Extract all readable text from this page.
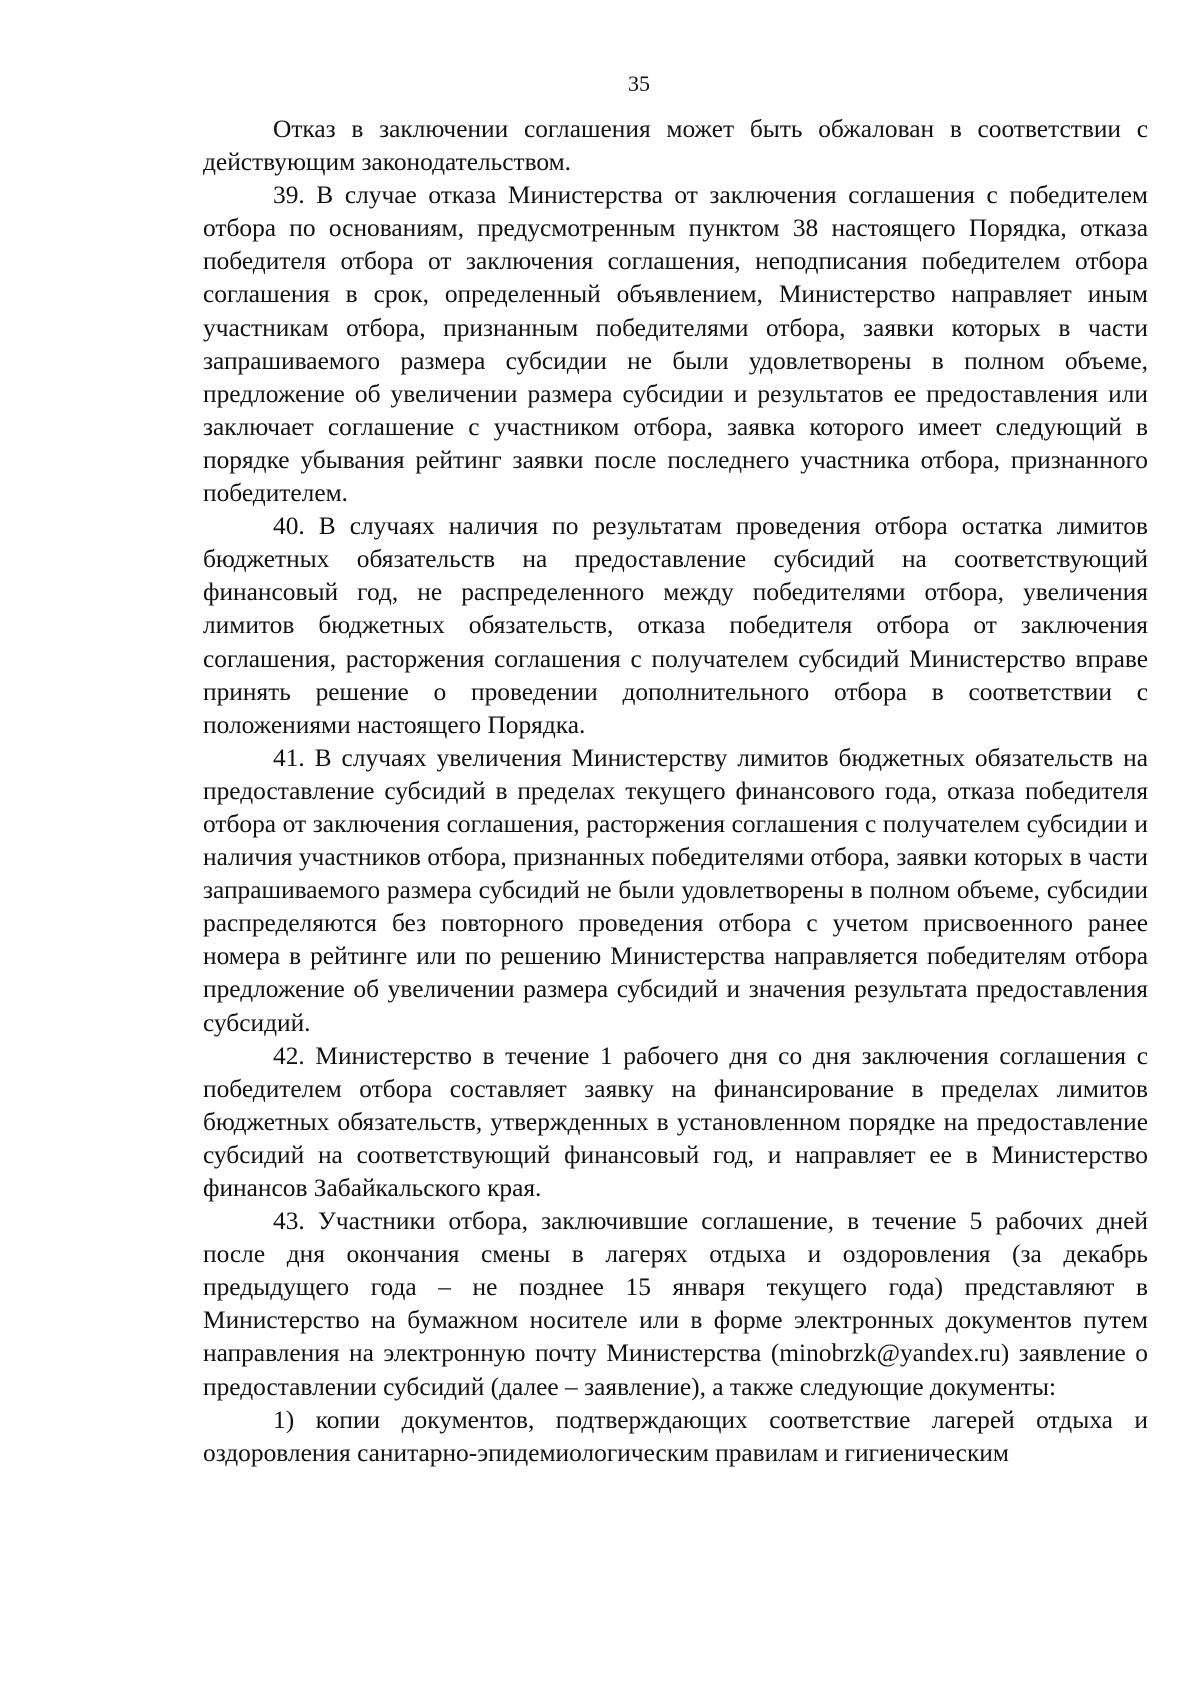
35

Отказ в заключении соглашения может быть обжалован в соответствии с действующим законодательством.

39. В случае отказа Министерства от заключения соглашения с победителем отбора по основаниям, предусмотренным пунктом 38 настоящего Порядка, отказа победителя отбора от заключения соглашения, неподписания победителем отбора соглашения в срок, определенный объявлением, Министерство направляет иным участникам отбора, признанным победителями отбора, заявки которых в части запрашиваемого размера субсидии не были удовлетворены в полном объеме, предложение об увеличении размера субсидии и результатов ее предоставления или заключает соглашение с участником отбора, заявка которого имеет следующий в порядке убывания рейтинг заявки после последнего участника отбора, признанного победителем.

40. В случаях наличия по результатам проведения отбора остатка лимитов бюджетных обязательств на предоставление субсидий на соответствующий финансовый год, не распределенного между победителями отбора, увеличения лимитов бюджетных обязательств, отказа победителя отбора от заключения соглашения, расторжения соглашения с получателем субсидий Министерство вправе принять решение о проведении дополнительного отбора в соответствии с положениями настоящего Порядка.

41. В случаях увеличения Министерству лимитов бюджетных обязательств на предоставление субсидий в пределах текущего финансового года, отказа победителя отбора от заключения соглашения, расторжения соглашения с получателем субсидии и наличия участников отбора, признанных победителями отбора, заявки которых в части запрашиваемого размера субсидий не были удовлетворены в полном объеме, субсидии распределяются без повторного проведения отбора с учетом присвоенного ранее номера в рейтинге или по решению Министерства направляется победителям отбора предложение об увеличении размера субсидий и значения результата предоставления субсидий.

42. Министерство в течение 1 рабочего дня со дня заключения соглашения с победителем отбора составляет заявку на финансирование в пределах лимитов бюджетных обязательств, утвержденных в установленном порядке на предоставление субсидий на соответствующий финансовый год, и направляет ее в Министерство финансов Забайкальского края.

43. Участники отбора, заключившие соглашение, в течение 5 рабочих дней после дня окончания смены в лагерях отдыха и оздоровления (за декабрь предыдущего года – не позднее 15 января текущего года) представляют в Министерство на бумажном носителе или в форме электронных документов путем направления на электронную почту Министерства (minobrzk@yandex.ru) заявление о предоставлении субсидий (далее – заявление), а также следующие документы:

1) копии документов, подтверждающих соответствие лагерей отдыха и оздоровления санитарно-эпидемиологическим правилам и гигиеническим
